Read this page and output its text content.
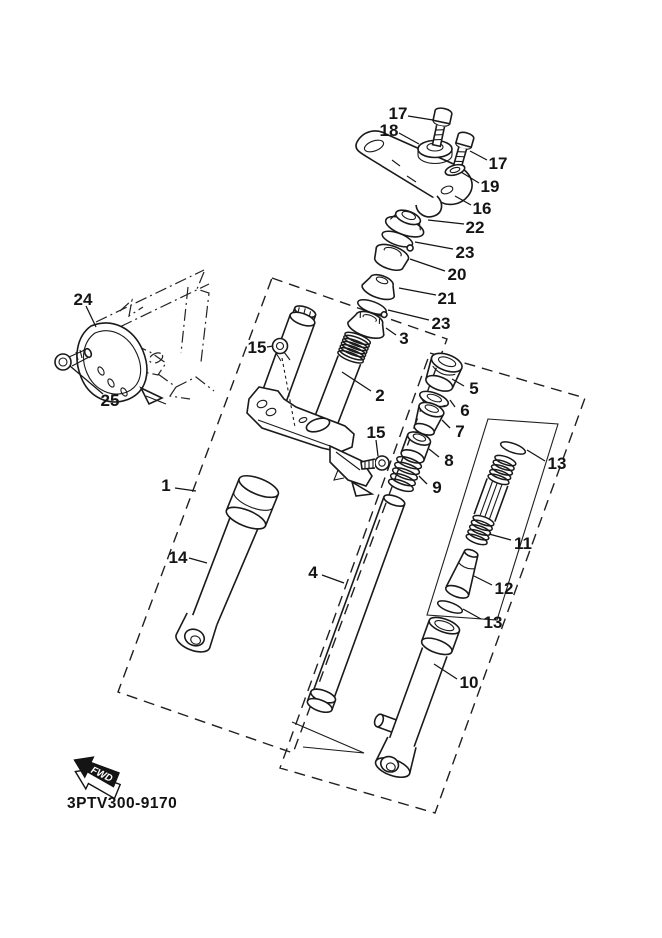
FWD
3PTV300-9170
17
18
17
19
16
22
23
20
21
23
3
2
15
15
24
25
1
14
4
5
6
7
8
9
13
11
12
13
10
